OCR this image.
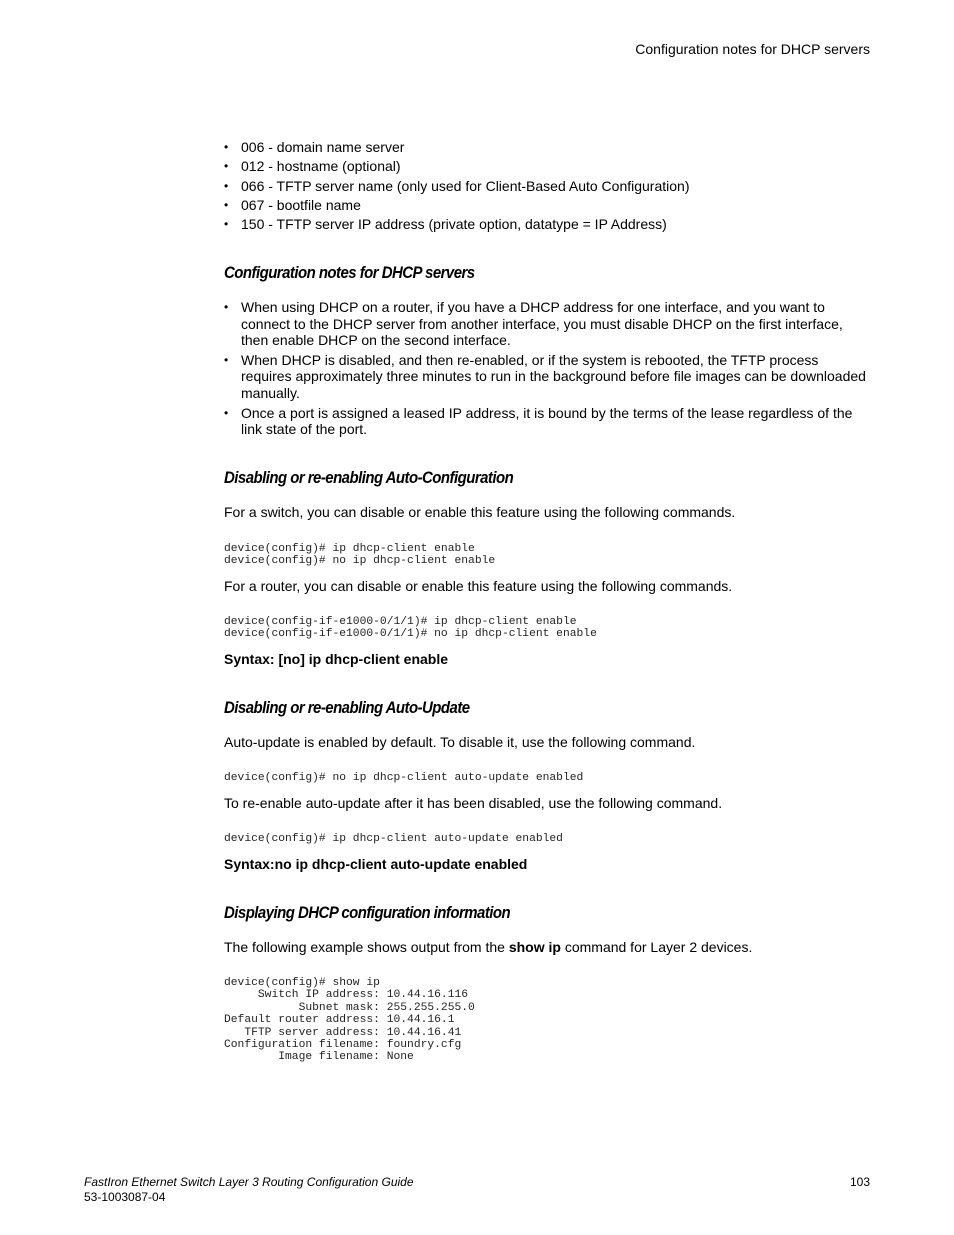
Configuration notes for DHCP servers
• 006 - domain name server
• 012 - hostname (optional)
• 066 - TFTP server name (only used for Client-Based Auto Configuration)
• 067 - bootfile name
• 150 - TFTP server IP address (private option, datatype = IP Address)
Configuration notes for DHCP servers
• When using DHCP on a router, if you have a DHCP address for one interface, and you want to connect to the DHCP server from another interface, you must disable DHCP on the first interface, then enable DHCP on the second interface.
• When DHCP is disabled, and then re-enabled, or if the system is rebooted, the TFTP process requires approximately three minutes to run in the background before file images can be downloaded manually.
• Once a port is assigned a leased IP address, it is bound by the terms of the lease regardless of the link state of the port.
Disabling or re-enabling Auto-Configuration

For a switch, you can disable or enable this feature using the following commands.

device(config)# ip dhcp-client enable
device(config)# no ip dhcp-client enable

For a router, you can disable or enable this feature using the following commands.

device(config-if-e1000-0/1/1)# ip dhcp-client enable
device(config-if-e1000-0/1/1)# no ip dhcp-client enable

Syntax: [no] ip dhcp-client enable

Disabling or re-enabling Auto-Update

Auto-update is enabled by default. To disable it, use the following command.

device(config)# no ip dhcp-client auto-update enabled

To re-enable auto-update after it has been disabled, use the following command.

device(config)# ip dhcp-client auto-update enabled

Syntax:no ip dhcp-client auto-update enabled

Displaying DHCP configuration information

The following example shows output from the show ip command for Layer 2 devices.

device(config)# show ip
Switch IP address: 10.44.16.116
Subnet mask: 255.255.255.0
Default router address: 10.44.16.1
TFTP server address: 10.44.16.41
Configuration filename: foundry.cfg
Image filename: None
FastIron Ethernet Switch Layer 3 Routing Configuration Guide
53-1003087-04
103
